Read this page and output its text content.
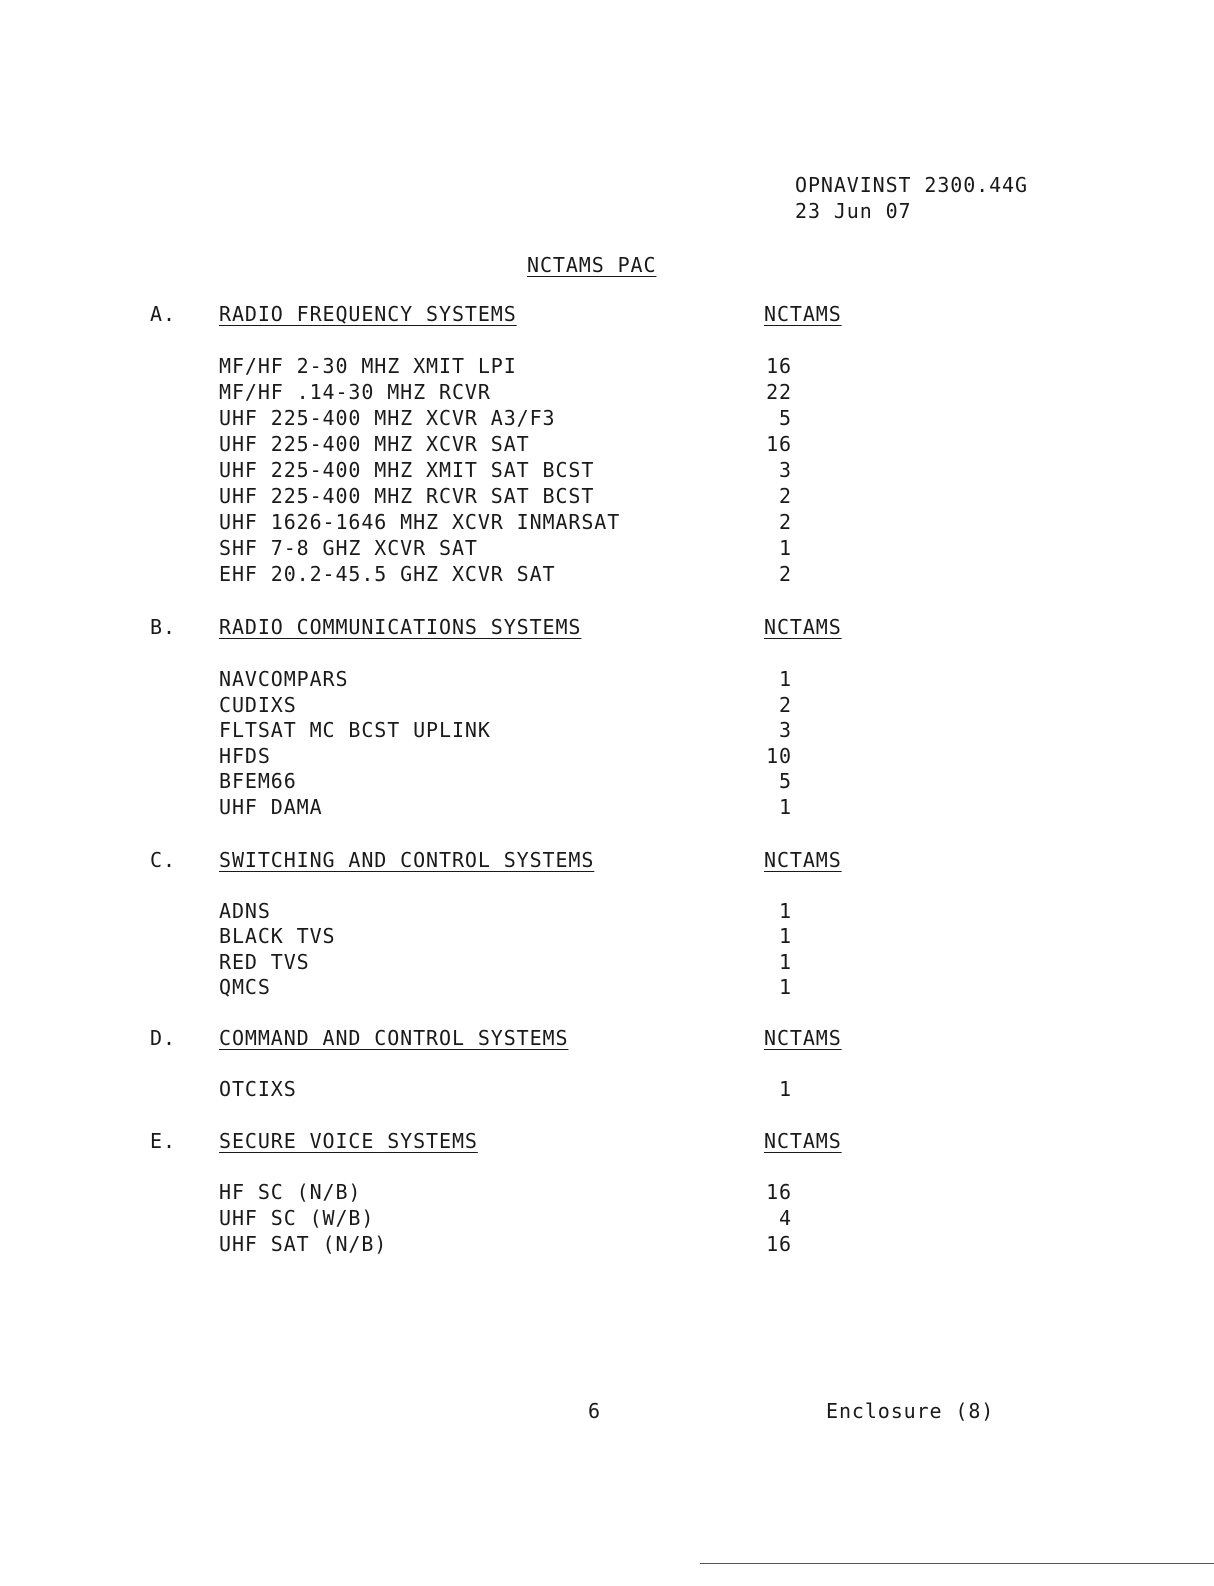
OPNAVINST 2300.44G
23 Jun 07
NCTAMS PAC
A. RADIO FREQUENCY SYSTEMS	NCTAMS
MF/HF 2-30 MHZ XMIT LPI	16
MF/HF .14-30 MHZ RCVR	22
UHF 225-400 MHZ XCVR A3/F3	5
UHF 225-400 MHZ XCVR SAT	16
UHF 225-400 MHZ XMIT SAT BCST	3
UHF 225-400 MHZ RCVR SAT BCST	2
UHF 1626-1646 MHZ XCVR INMARSAT	2
SHF 7-8 GHZ XCVR SAT	1
EHF 20.2-45.5 GHZ XCVR SAT	2
B. RADIO COMMUNICATIONS SYSTEMS	NCTAMS
NAVCOMPARS	1
CUDIXS	2
FLTSAT MC BCST UPLINK	3
HFDS	10
BFEM66	5
UHF DAMA	1
C. SWITCHING AND CONTROL SYSTEMS	NCTAMS
ADNS	1
BLACK TVS	1
RED TVS	1
QMCS	1
D. COMMAND AND CONTROL SYSTEMS	NCTAMS
OTCIXS	1
E. SECURE VOICE SYSTEMS	NCTAMS
HF SC (N/B)	16
UHF SC (W/B)	4
UHF SAT (N/B)	16
6	Enclosure (8)
